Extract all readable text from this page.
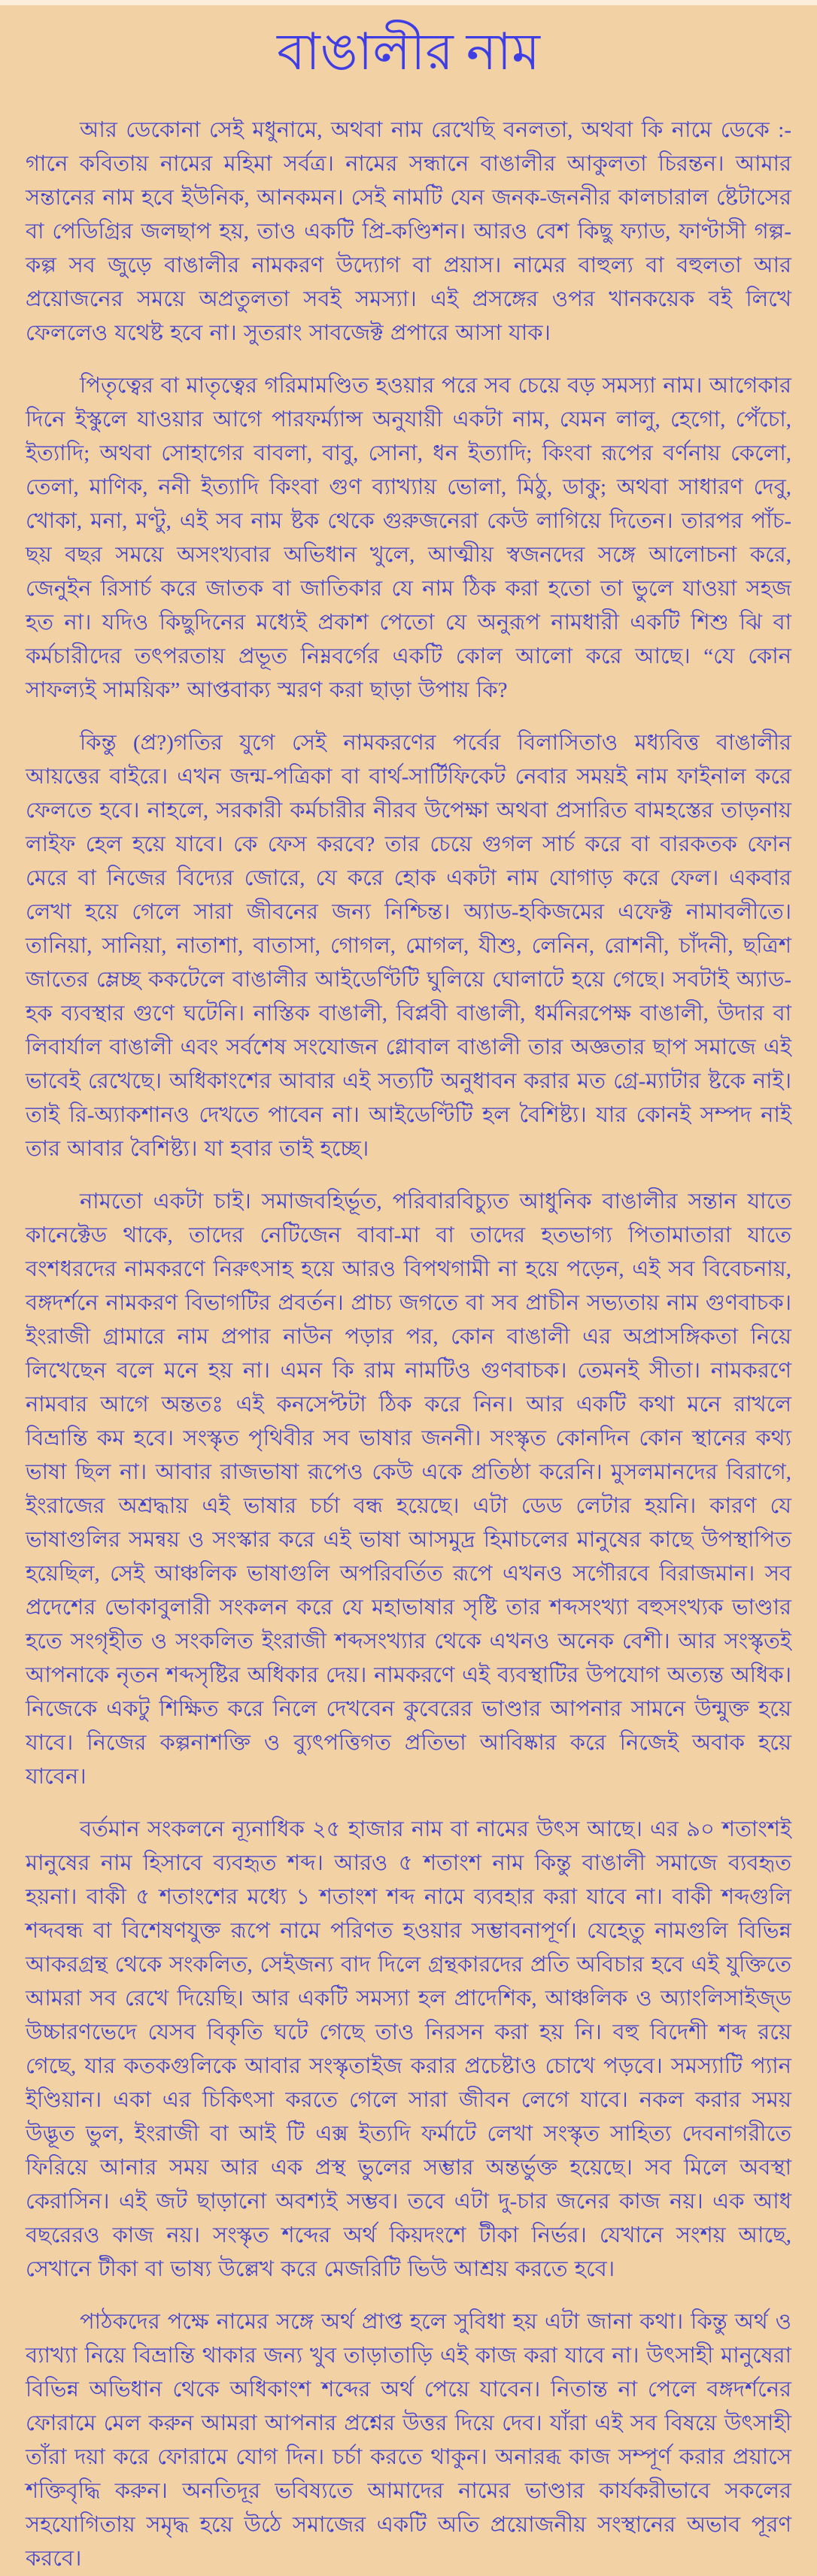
বাঙালীর নাম

আর ডেকোনা সেই মধুনামে, অথবা নাম রেখেছি বনলতা, অথবা কি নামে ডেকে :- গানে কবিতায় নামের মহিমা সর্বত্র। নামের সন্ধানে বাঙালীর আকুলতা চিরন্তন। আমার সন্তানের নাম হবে ইউনিক, আনকমন। সেই নামটি যেন জনক-জননীর কালচারাল ষ্টেটাসের বা পেডিগ্রির জলছাপ হয়, তাও একটি প্রি-কণ্ডিশন। আরও বেশ কিছু ফ্যাড, ফাণ্টাসী গল্প-কল্প সব জুড়ে বাঙালীর নামকরণ উদ্যোগ বা প্রয়াস। নামের বাহুল্য বা বহুলতা আর প্রয়োজনের সময়ে অপ্রতুলতা সবই সমস্যা। এই প্রসঙ্গের ওপর খানকয়েক বই লিখে ফেললেও যথেষ্ট হবে না। সুতরাং সাবজেক্ট প্রপারে আসা যাক।

পিতৃত্বের বা মাতৃত্বের গরিমামণ্ডিত হওয়ার পরে সব চেয়ে বড় সমস্যা নাম। আগেকার দিনে ইস্কুলে যাওয়ার আগে পারফর্ম্যান্স অনুযায়ী একটা নাম, যেমন লালু, হেগো, পেঁচো, ইত্যাদি; অথবা সোহাগের বাবলা, বাবু, সোনা, ধন ইত্যাদি; কিংবা রূপের বর্ণনায় কেলো, তেলা, মাণিক, ননী ইত্যাদি কিংবা গুণ ব্যাখ্যায় ভোলা, মিঠু, ডাকু; অথবা সাধারণ দেবু, খোকা, মনা, মণ্টু, এই সব নাম ষ্টক থেকে গুরুজনেরা কেউ লাগিয়ে দিতেন। তারপর পাঁচ-ছয় বছর সময়ে অসংখ্যবার অভিধান খুলে, আত্মীয় স্বজনদের সঙ্গে আলোচনা করে, জেনুইন রিসার্চ করে জাতক বা জাতিকার যে নাম ঠিক করা হতো তা ভুলে যাওয়া সহজ হত না। যদিও কিছুদিনের মধ্যেই প্রকাশ পেতো যে অনুরূপ নামধারী একটি শিশু ঝি বা কর্মচারীদের তৎপরতায় প্রভূত নিম্নবর্গের একটি কোল আলো করে আছে। “যে কোন সাফল্যই সাময়িক” আপ্তবাক্য স্মরণ করা ছাড়া উপায় কি?

কিন্তু (প্র?)গতির যুগে সেই নামকরণের পর্বের বিলাসিতাও মধ্যবিত্ত বাঙালীর আয়ত্তের বাইরে। এখন জন্ম-পত্রিকা বা বার্থ-সার্টিফিকেট নেবার সময়ই নাম ফাইনাল করে ফেলতে হবে। নাহলে, সরকারী কর্মচারীর নীরব উপেক্ষা অথবা প্রসারিত বামহস্তের তাড়নায় লাইফ হেল হয়ে যাবে। কে ফেস করবে? তার চেয়ে গুগল সার্চ করে বা বারকতক ফোন মেরে বা নিজের বিদ্যের জোরে, যে করে হোক একটা নাম যোগাড় করে ফেল। একবার লেখা হয়ে গেলে সারা জীবনের জন্য নিশ্চিন্ত। অ্যাড-হকিজমের এফেক্ট নামাবলীতে। তানিয়া, সানিয়া, নাতাশা, বাতাসা, গোগল, মোগল, যীশু, লেনিন, রোশনী, চাঁদনী, ছত্রিশ জাতের ম্লেচ্ছ ককটেলে বাঙালীর আইডেণ্টিটি ঘুলিয়ে ঘোলাটে হয়ে গেছে। সবটাই অ্যাড-হক ব্যবস্থার গুণে ঘটেনি। নাস্তিক বাঙালী, বিপ্লবী বাঙালী, ধর্মনিরপেক্ষ বাঙালী, উদার বা লিবার্যাল বাঙালী এবং সর্বশেষ সংযোজন গ্লোবাল বাঙালী তার অজ্ঞতার ছাপ সমাজে এই ভাবেই রেখেছে। অধিকাংশের আবার এই সত্যটি অনুধাবন করার মত গ্রে-ম্যাটার ষ্টকে নাই। তাই রি-অ্যাকশানও দেখতে পাবেন না। আইডেণ্টিটি হল বৈশিষ্ট্য। যার কোনই সম্পদ নাই তার আবার বৈশিষ্ট্য। যা হবার তাই হচ্ছে।

নামতো একটা চাই। সমাজবহির্ভূত, পরিবারবিচ্যুত আধুনিক বাঙালীর সন্তান যাতে কানেক্টেড থাকে, তাদের নেটিজেন বাবা-মা বা তাদের হতভাগ্য পিতামাতারা যাতে বংশধরদের নামকরণে নিরুৎসাহ হয়ে আরও বিপথগামী না হয়ে পড়েন, এই সব বিবেচনায়, বঙ্গদর্শনে নামকরণ বিভাগটির প্রবর্তন। প্রাচ্য জগতে বা সব প্রাচীন সভ্যতায় নাম গুণবাচক। ইংরাজী গ্রামারে নাম প্রপার নাউন পড়ার পর, কোন বাঙালী এর অপ্রাসঙ্গিকতা নিয়ে লিখেছেন বলে মনে হয় না। এমন কি রাম নামটিও গুণবাচক। তেমনই সীতা। নামকরণে নামবার আগে অন্ততঃ এই কনসেপ্টটা ঠিক করে নিন। আর একটি কথা মনে রাখলে বিভ্রান্তি কম হবে। সংস্কৃত পৃথিবীর সব ভাষার জননী। সংস্কৃত কোনদিন কোন স্থানের কথ্য ভাষা ছিল না। আবার রাজভাষা রূপেও কেউ একে প্রতিষ্ঠা করেনি। মুসলমানদের বিরাগে, ইংরাজের অশ্রদ্ধায় এই ভাষার চর্চা বন্ধ হয়েছে। এটা ডেড লেটার হয়নি। কারণ যে ভাষাগুলির সমন্বয় ও সংস্কার করে এই ভাষা আসমুদ্র হিমাচলের মানুষের কাছে উপস্থাপিত হয়েছিল, সেই আঞ্চলিক ভাষাগুলি অপরিবর্তিত রূপে এখনও সগৌরবে বিরাজমান। সব প্রদেশের ভোকাবুলারী সংকলন করে যে মহাভাষার সৃষ্টি তার শব্দসংখ্যা বহুসংখ্যক ভাণ্ডার হতে সংগৃহীত ও সংকলিত ইংরাজী শব্দসংখ্যার থেকে এখনও অনেক বেশী। আর সংস্কৃতই আপনাকে নৃতন শব্দসৃষ্টির অধিকার দেয়। নামকরণে এই ব্যবস্থাটির উপযোগ অত্যন্ত অধিক। নিজেকে একটু শিক্ষিত করে নিলে দেখবেন কুবেরের ভাণ্ডার আপনার সামনে উন্মুক্ত হয়ে যাবে। নিজের কল্পনাশক্তি ও ব্যুৎপত্তিগত প্রতিভা আবিষ্কার করে নিজেই অবাক হয়ে যাবেন।

বর্তমান সংকলনে ন্যূনাধিক ২৫ হাজার নাম বা নামের উৎস আছে। এর ৯০ শতাংশই মানুষের নাম হিসাবে ব্যবহৃত শব্দ। আরও ৫ শতাংশ নাম কিন্তু বাঙালী সমাজে ব্যবহৃত হয়না। বাকী ৫ শতাংশের মধ্যে ১ শতাংশ শব্দ নামে ব্যবহার করা যাবে না। বাকী শব্দগুলি শব্দবন্ধ বা বিশেষণযুক্ত রূপে নামে পরিণত হওয়ার সম্ভাবনাপূর্ণ। যেহেতু নামগুলি বিভিন্ন আকরগ্রন্থ থেকে সংকলিত, সেইজন্য বাদ দিলে গ্রন্থকারদের প্রতি অবিচার হবে এই যুক্তিতে আমরা সব রেখে দিয়েছি। আর একটি সমস্যা হল প্রাদেশিক, আঞ্চলিক ও অ্যাংলিসাইজ্‌ড উচ্চারণভেদে যেসব বিকৃতি ঘটে গেছে তাও নিরসন করা হয় নি। বহু বিদেশী শব্দ রয়ে গেছে, যার কতকগুলিকে আবার সংস্কৃতাইজ করার প্রচেষ্টাও চোখে পড়বে। সমস্যাটি প্যান ইণ্ডিয়ান। একা এর চিকিৎসা করতে গেলে সারা জীবন লেগে যাবে। নকল করার সময় উদ্ভূত ভুল, ইংরাজী বা আই টি এক্স ইত্যদি ফর্মাটে লেখা সংস্কৃত সাহিত্য দেবনাগরীতে ফিরিয়ে আনার সময় আর এক প্রস্থ ভুলের সম্ভার অন্তর্ভুক্ত হয়েছে। সব মিলে অবস্থা কেরাসিন। এই জট ছাড়ানো অবশ্যই সম্ভব। তবে এটা দু-চার জনের কাজ নয়। এক আধ বছরেরও কাজ নয়। সংস্কৃত শব্দের অর্থ কিয়দংশে টীকা নির্ভর। যেখানে সংশয় আছে, সেখানে টীকা বা ভাষ্য উল্লেখ করে মেজরিটি ভিউ আশ্রয় করতে হবে।

পাঠকদের পক্ষে নামের সঙ্গে অর্থ প্রাপ্ত হলে সুবিধা হয় এটা জানা কথা। কিন্তু অর্থ ও ব্যাখ্যা নিয়ে বিভ্রান্তি থাকার জন্য খুব তাড়াতাড়ি এই কাজ করা যাবে না। উৎসাহী মানুষেরা বিভিন্ন অভিধান থেকে অধিকাংশ শব্দের অর্থ পেয়ে যাবেন। নিতান্ত না পেলে বঙ্গদর্শনের ফোরামে মেল করুন আমরা আপনার প্রশ্নের উত্তর দিয়ে দেব। যাঁরা এই সব বিষয়ে উৎসাহী তাঁরা দয়া করে ফোরামে যোগ দিন। চর্চা করতে থাকুন। অনারব্ধ কাজ সম্পূর্ণ করার প্রয়াসে শক্তিবৃদ্ধি করুন। অনতিদূর ভবিষ্যতে আমাদের নামের ভাণ্ডার কার্যকরীভাবে সকলের সহযোগিতায় সমৃদ্ধ হয়ে উঠে সমাজের একটি অতি প্রয়োজনীয় সংস্থানের অভাব পূরণ করবে।
